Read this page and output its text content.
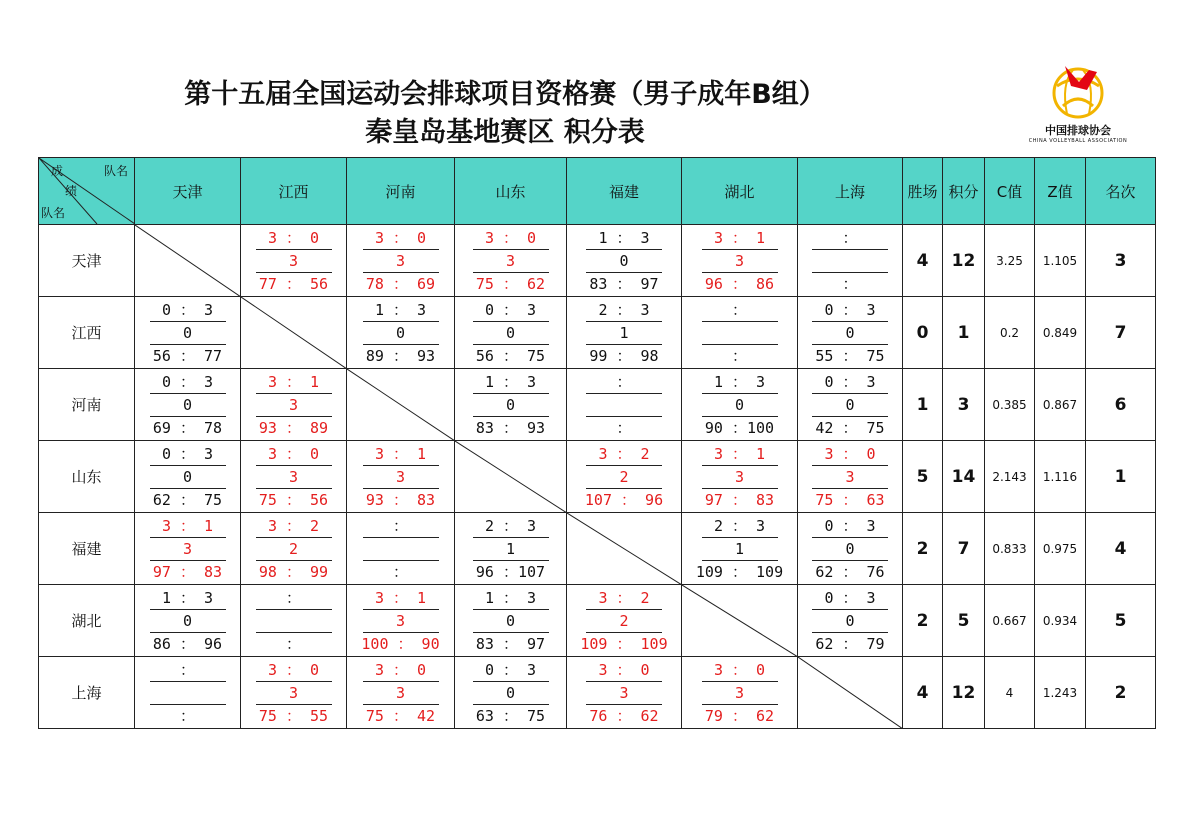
第十五届全国运动会排球项目资格赛（男子成年B组）
秦皇岛基地赛区 积分表	中国排球协会
CHINA VOLLEYBALL ASSOCIATION
成
绩
队名
队名	天津	江西	河南	山东	福建	湖北	上海	胜场	积分	C值	Z值	名次
天津		3 ： 0
3
77 ： 56	3 ： 0
3
78 ： 69	3 ： 0
3
75 ： 62	1 ： 3
0
83 ： 97	3 ： 1
3
96 ： 86	：
：	4	12	3.25	1.105	3
江西	0 ： 3
0
56 ： 77		1 ： 3
0
89 ： 93	0 ： 3
0
56 ： 75	2 ： 3
1
99 ： 98	：
：	0 ： 3
0
55 ： 75	0	1	0.2	0.849	7
河南	0 ： 3
0
69 ： 78	3 ： 1
3
93 ： 89		1 ： 3
0
83 ： 93	：
：	1 ： 3
0
90 ：100	0 ： 3
0
42 ： 75	1	3	0.385	0.867	6
山东	0 ： 3
0
62 ： 75	3 ： 0
3
75 ： 56	3 ： 1
3
93 ： 83		3 ： 2
2
107 ： 96	3 ： 1
3
97 ： 83	3 ： 0
3
75 ： 63	5	14	2.143	1.116	1
福建	3 ： 1
3
97 ： 83	3 ： 2
2
98 ： 99	：
：	2 ： 3
1
96 ：107		2 ： 3
1
109 ： 109	0 ： 3
0
62 ： 76	2	7	0.833	0.975	4
湖北	1 ： 3
0
86 ： 96	：
：	3 ： 1
3
100 ： 90	1 ： 3
0
83 ： 97	3 ： 2
2
109 ： 109		0 ： 3
0
62 ： 79	2	5	0.667	0.934	5
上海	：
：	3 ： 0
3
75 ： 55	3 ： 0
3
75 ： 42	0 ： 3
0
63 ： 75	3 ： 0
3
76 ： 62	3 ： 0
3
79 ： 62		4	12	4	1.243	2
